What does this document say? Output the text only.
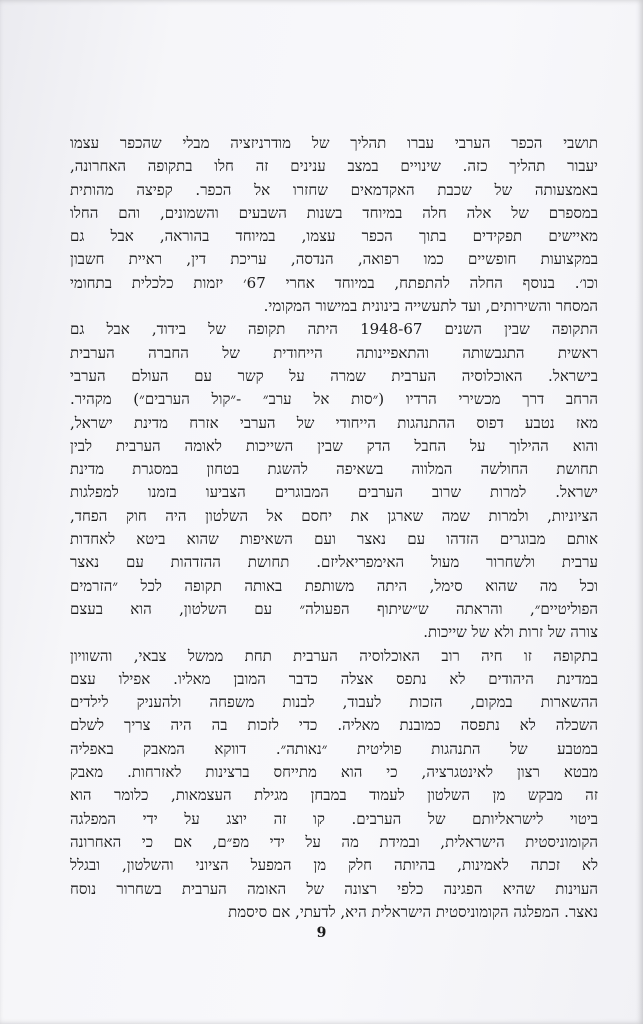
תושבי הכפר הערבי עברו תהליך של מודרניזציה מבלי שהכפר עצמו
יעבור תהליך כזה. שינויים במצב ענינים זה חלו בתקופה האחרונה,
באמצעותה של שכבת האקדמאים שחזרו אל הכפר. קפיצה מהותית
במספרם של אלה חלה במיוחד בשנות השבעים והשמונים, והם החלו
מאיישים תפקידים בתוך הכפר עצמו, במיוחד בהוראה, אבל גם
במקצועות חופשיים כמו רפואה, הנדסה, עריכת דין, ראיית חשבון
וכו׳. בנוסף החלה להתפתח, במיוחד אחרי 67׳ יזמות כלכלית בתחומי
המסחר והשירותים, ועד לתעשייה בינונית במישור המקומי.
התקופה שבין השנים 1948-67 היתה תקופה של בידוד, אבל גם
ראשית התגבשותה והתאפיינותה הייחודית של החברה הערבית
בישראל. האוכלוסיה הערבית שמרה על קשר עם העולם הערבי
הרחב דרך מכשירי הרדיו (״סות אל ערב״ -״קול הערבים״) מקהיר.
מאז נטבע דפוס ההתנהגות הייחודי של הערבי אזרח מדינת ישראל,
והוא ההילוך על החבל הדק שבין השייכות לאומה הערבית לבין
תחושת החולשה המלווה בשאיפה להשגת בטחון במסגרת מדינת
ישראל. למרות שרוב הערבים המבוגרים הצביעו בזמנו למפלגות
הציוניות, ולמרות שמה שארגן את יחסם אל השלטון היה חוק הפחד,
אותם מבוגרים הזדהו עם נאצר ועם השאיפות שהוא ביטא לאחדות
ערבית ולשחרור מעול האימפריאליזם. תחושת ההזדהות עם נאצר
וכל מה שהוא סימל, היתה משותפת באותה תקופה לכל ״הזרמים
הפוליטיים״, והראתה ש״שיתוף הפעולה״ עם השלטון, הוא בעצם
צורה של זרות ולא של שייכות.
בתקופה זו חיה רוב האוכלוסיה הערבית תחת ממשל צבאי, והשוויון
במדינת היהודים לא נתפס אצלה כדבר המובן מאליו. אפילו עצם
ההשארות במקום, הזכות לעבוד, לבנות משפחה ולהעניק לילדים
השכלה לא נתפסה כמובנת מאליה. כדי לזכות בה היה צריך לשלם
במטבע של התנהגות פוליטית ״נאותה״. דווקא המאבק באפליה
מבטא רצון לאינטגרציה, כי הוא מתייחס ברצינות לאזרחות. מאבק
זה מבקש מן השלטון לעמוד במבחן מגילת העצמאות, כלומר הוא
ביטוי לישראליותם של הערבים. קו זה יוצג על ידי המפלגה
הקומוניסטית הישראלית, ובמידת מה על ידי מפ״ם, אם כי האחרונה
לא זכתה לאמינות, בהיותה חלק מן המפעל הציוני והשלטון, ובגלל
העוינות שהיא הפגינה כלפי רצונה של האומה הערבית בשחרור נוסח
נאצר. המפלגה הקומוניסטית הישראלית היא, לדעתי, אם סיסמת
9
